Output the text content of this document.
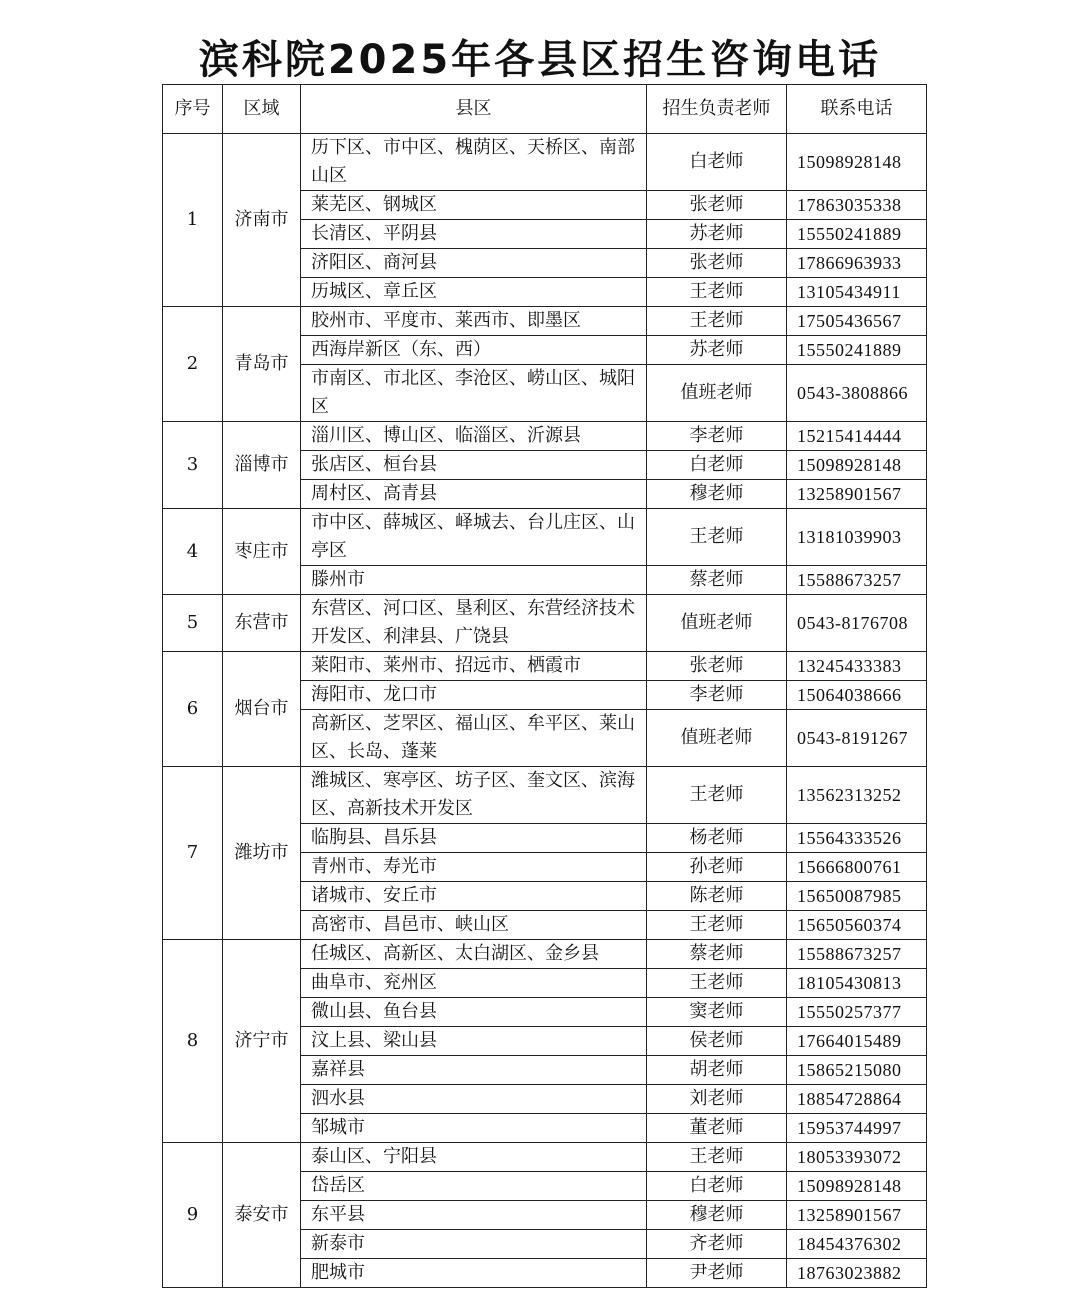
滨科院2025年各县区招生咨询电话
序号	区域	县区	招生负责老师	联系电话
1	济南市	历下区、市中区、槐荫区、天桥区、南部山区	白老师	15098928148
		莱芜区、钢城区	张老师	17863035338
		长清区、平阴县	苏老师	15550241889
		济阳区、商河县	张老师	17866963933
		历城区、章丘区	王老师	13105434911
2	青岛市	胶州市、平度市、莱西市、即墨区	王老师	17505436567
		西海岸新区（东、西）	苏老师	15550241889
		市南区、市北区、李沧区、崂山区、城阳区	值班老师	0543-3808866
3	淄博市	淄川区、博山区、临淄区、沂源县	李老师	15215414444
		张店区、桓台县	白老师	15098928148
		周村区、高青县	穆老师	13258901567
4	枣庄市	市中区、薛城区、峄城去、台儿庄区、山亭区	王老师	13181039903
		滕州市	蔡老师	15588673257
5	东营市	东营区、河口区、垦利区、东营经济技术开发区、利津县、广饶县	值班老师	0543-8176708
6	烟台市	莱阳市、莱州市、招远市、栖霞市	张老师	13245433383
		海阳市、龙口市	李老师	15064038666
		高新区、芝罘区、福山区、牟平区、莱山区、长岛、蓬莱	值班老师	0543-8191267
7	潍坊市	潍城区、寒亭区、坊子区、奎文区、滨海区、高新技术开发区	王老师	13562313252
		临朐县、昌乐县	杨老师	15564333526
		青州市、寿光市	孙老师	15666800761
		诸城市、安丘市	陈老师	15650087985
		高密市、昌邑市、峡山区	王老师	15650560374
8	济宁市	任城区、高新区、太白湖区、金乡县	蔡老师	15588673257
		曲阜市、兖州区	王老师	18105430813
		微山县、鱼台县	窦老师	15550257377
		汶上县、梁山县	侯老师	17664015489
		嘉祥县	胡老师	15865215080
		泗水县	刘老师	18854728864
		邹城市	董老师	15953744997
9	泰安市	泰山区、宁阳县	王老师	18053393072
		岱岳区	白老师	15098928148
		东平县	穆老师	13258901567
		新泰市	齐老师	18454376302
		肥城市	尹老师	18763023882
